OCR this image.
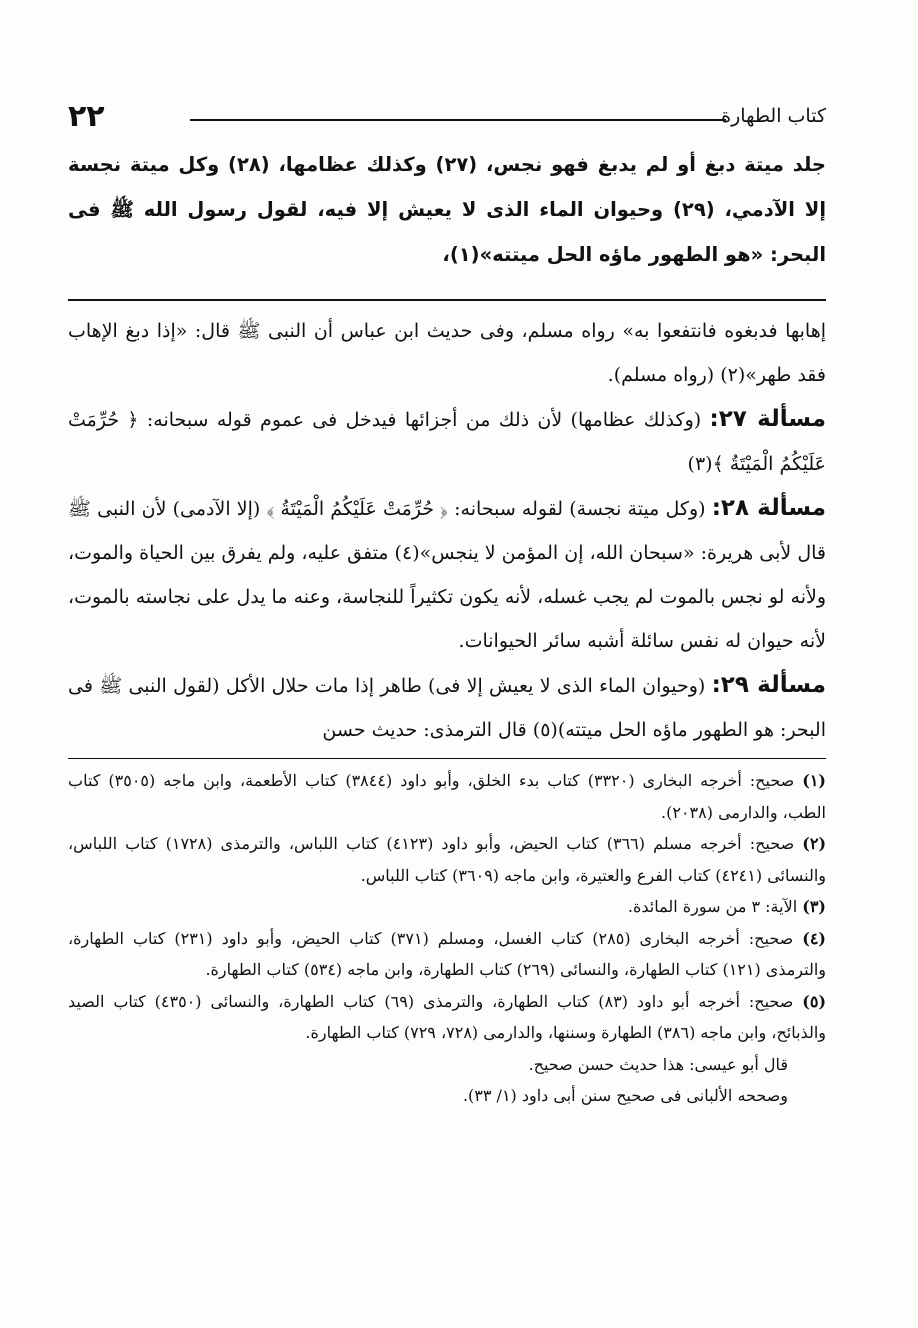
٢٢	كتاب الطهارة
جلد ميتة دبغ أو لم يدبغ فهو نجس، (٢٧) وكذلك عظامها، (٢٨) وكل ميتة نجسة إلا الآدمي، (٢٩) وحيوان الماء الذى لا يعيش إلا فيه، لقول رسول الله ﷺ فى البحر: «هو الطهور ماؤه الحل ميتته»(١)،

إهابها فدبغوه فانتفعوا به» رواه مسلم، وفى حديث ابن عباس أن النبى ﷺ قال: «إذا دبغ الإهاب فقد طهر»(٢) (رواه مسلم).

مسألة ٢٧: (وكذلك عظامها) لأن ذلك من أجزائها فيدخل فى عموم قوله سبحانه: ﴿ حُرِّمَتْ عَلَيْكُمُ الْمَيْتَةُ ﴾(٣)

مسألة ٢٨: (وكل ميتة نجسة) لقوله سبحانه: ﴿ حُرِّمَتْ عَلَيْكُمُ الْمَيْتَةُ ﴾ (إلا الآدمى) لأن النبى ﷺ قال لأبى هريرة: «سبحان الله، إن المؤمن لا ينجس»(٤) متفق عليه، ولم يفرق بين الحياة والموت، ولأنه لو نجس بالموت لم يجب غسله، لأنه يكون تكثيراً للنجاسة، وعنه ما يدل على نجاسته بالموت، لأنه حيوان له نفس سائلة أشبه سائر الحيوانات.

مسألة ٢٩: (وحيوان الماء الذى لا يعيش إلا فى) طاهر إذا مات حلال الأكل (لقول النبى ﷺ فى البحر: هو الطهور ماؤه الحل ميتته)(٥) قال الترمذى: حديث حسن

(١) صحيح: أخرجه البخارى (٣٣٢٠) كتاب بدء الخلق، وأبو داود (٣٨٤٤) كتاب الأطعمة، وابن ماجه (٣٥٠٥) كتاب الطب، والدارمى (٢٠٣٨).

(٢) صحيح: أخرجه مسلم (٣٦٦) كتاب الحيض، وأبو داود (٤١٢٣) كتاب اللباس، والترمذى (١٧٢٨) كتاب اللباس، والنسائى (٤٢٤١) كتاب الفرع والعتيرة، وابن ماجه (٣٦٠٩) كتاب اللباس.

(٣) الآية: ٣ من سورة المائدة.

(٤) صحيح: أخرجه البخارى (٢٨٥) كتاب الغسل، ومسلم (٣٧١) كتاب الحيض، وأبو داود (٢٣١) كتاب الطهارة، والترمذى (١٢١) كتاب الطهارة، والنسائى (٢٦٩) كتاب الطهارة، وابن ماجه (٥٣٤) كتاب الطهارة.

(٥) صحيح: أخرجه أبو داود (٨٣) كتاب الطهارة، والترمذى (٦٩) كتاب الطهارة، والنسائى (٤٣٥٠) كتاب الصيد والذبائح، وابن ماجه (٣٨٦) الطهارة وسننها، والدارمى (٧٢٨، ٧٢٩) كتاب الطهارة.

قال أبو عيسى: هذا حديث حسن صحيح.

وصححه الألبانى فى صحيح سنن أبى داود (١/ ٣٣).
